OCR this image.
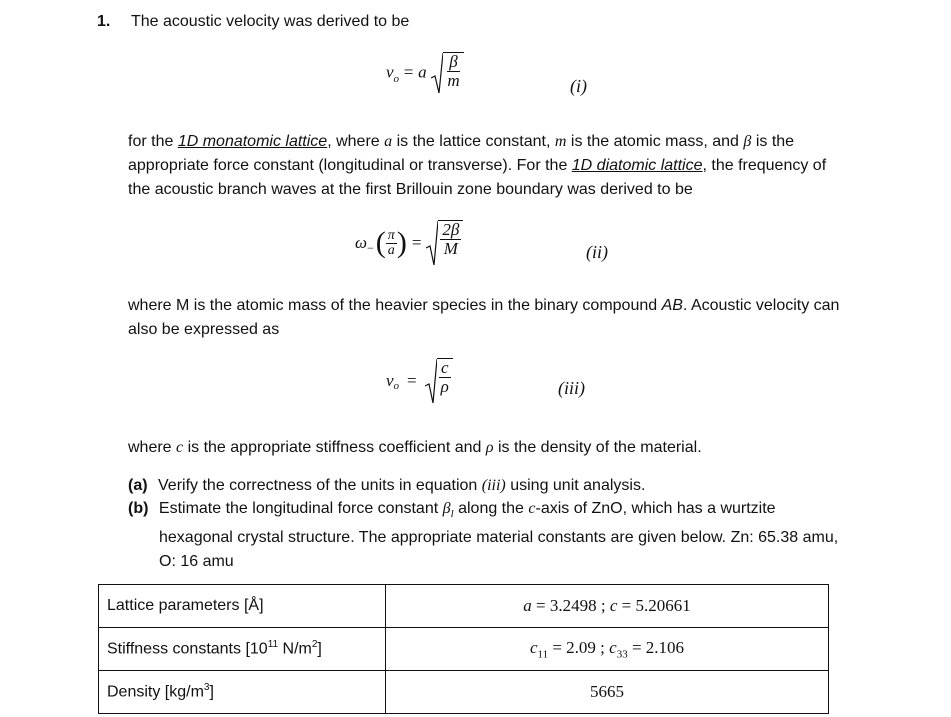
1. The acoustic velocity was derived to be
$v_o = a \frac{\beta}{m}$	(i)
for the 1D monatomic lattice, where a is the lattice constant, m is the atomic mass, and β is the
appropriate force constant (longitudinal or transverse). For the 1D diatomic lattice, the frequency of
the acoustic branch waves at the first Brillouin zone boundary was derived to be
ω − ( $\frac{\pi}{a}$ ) = $\frac{2\beta}{M}$	(ii)
where M is the atomic mass of the heavier species in the binary compound AB. Acoustic velocity can
also be expressed as
v $o = \frac{c}{\rho}$	(iii)
where c is the appropriate stiffness coefficient and ρ is the density of the material.
(a) Verify the correctness of the units in equation (iii) using unit analysis.
(b) Estimate the longitudinal force constant $\beta_l$ along the c-axis of ZnO, which has a wurtzite
hexagonal crystal structure. The appropriate material constants are given below. Zn: 65.38 amu,
O: 16 amu
Lattice parameters [Å]	a = 3.2498 ; c = 5.20661
Stiffness constants [$10^{11}$ $N/m^2$]	$c_{11} = 2.09$ ; $c_{33} = 2.106$
Density $[kg/m^3]$	5665
